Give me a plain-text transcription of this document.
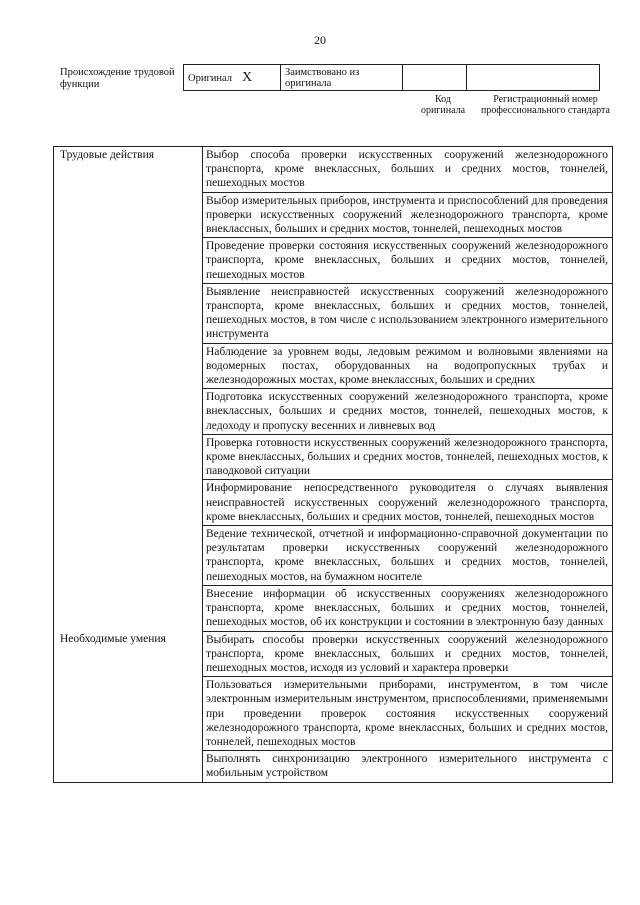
20
Происхождение трудовой функции
Оригинал X	Заимствовано из оригинала		
Код оригинала
Регистрационный номер профессионального стандарта
Трудовые действия	Выбор способа проверки искусственных сооружений железнодорожного транспорта, кроме внеклассных, больших и средних мостов, тоннелей, пешеходных мостов
	Выбор измерительных приборов, инструмента и приспособлений для проведения проверки искусственных сооружений железнодорожного транспорта, кроме внеклассных, больших и средних мостов, тоннелей, пешеходных мостов
	Проведение проверки состояния искусственных сооружений железнодорожного транспорта, кроме внеклассных, больших и средних мостов, тоннелей, пешеходных мостов
	Выявление неисправностей искусственных сооружений железнодорожного транспорта, кроме внеклассных, больших и средних мостов, тоннелей, пешеходных мостов, в том числе с использованием электронного измерительного инструмента
	Наблюдение за уровнем воды, ледовым режимом и волновыми явлениями на водомерных постах, оборудованных на водопропускных трубах и железнодорожных мостах, кроме внеклассных, больших и средних
	Подготовка искусственных сооружений железнодорожного транспорта, кроме внеклассных, больших и средних мостов, тоннелей, пешеходных мостов, к ледоходу и пропуску весенних и ливневых вод
	Проверка готовности искусственных сооружений железнодорожного транспорта, кроме внеклассных, больших и средних мостов, тоннелей, пешеходных мостов, к паводковой ситуации
	Информирование непосредственного руководителя о случаях выявления неисправностей искусственных сооружений железнодорожного транспорта, кроме внеклассных, больших и средних мостов, тоннелей, пешеходных мостов
	Ведение технической, отчетной и информационно-справочной документации по результатам проверки искусственных сооружений железнодорожного транспорта, кроме внеклассных, больших и средних мостов, тоннелей, пешеходных мостов, на бумажном носителе
	Внесение информации об искусственных сооружениях железнодорожного транспорта, кроме внеклассных, больших и средних мостов, тоннелей, пешеходных мостов, об их конструкции и состоянии в электронную базу данных
Необходимые умения	Выбирать способы проверки искусственных сооружений железнодорожного транспорта, кроме внеклассных, больших и средних мостов, тоннелей, пешеходных мостов, исходя из условий и характера проверки
	Пользоваться измерительными приборами, инструментом, в том числе электронным измерительным инструментом, приспособлениями, применяемыми при проведении проверок состояния искусственных сооружений железнодорожного транспорта, кроме внеклассных, больших и средних мостов, тоннелей, пешеходных мостов
	Выполнять синхронизацию электронного измерительного инструмента с мобильным устройством
